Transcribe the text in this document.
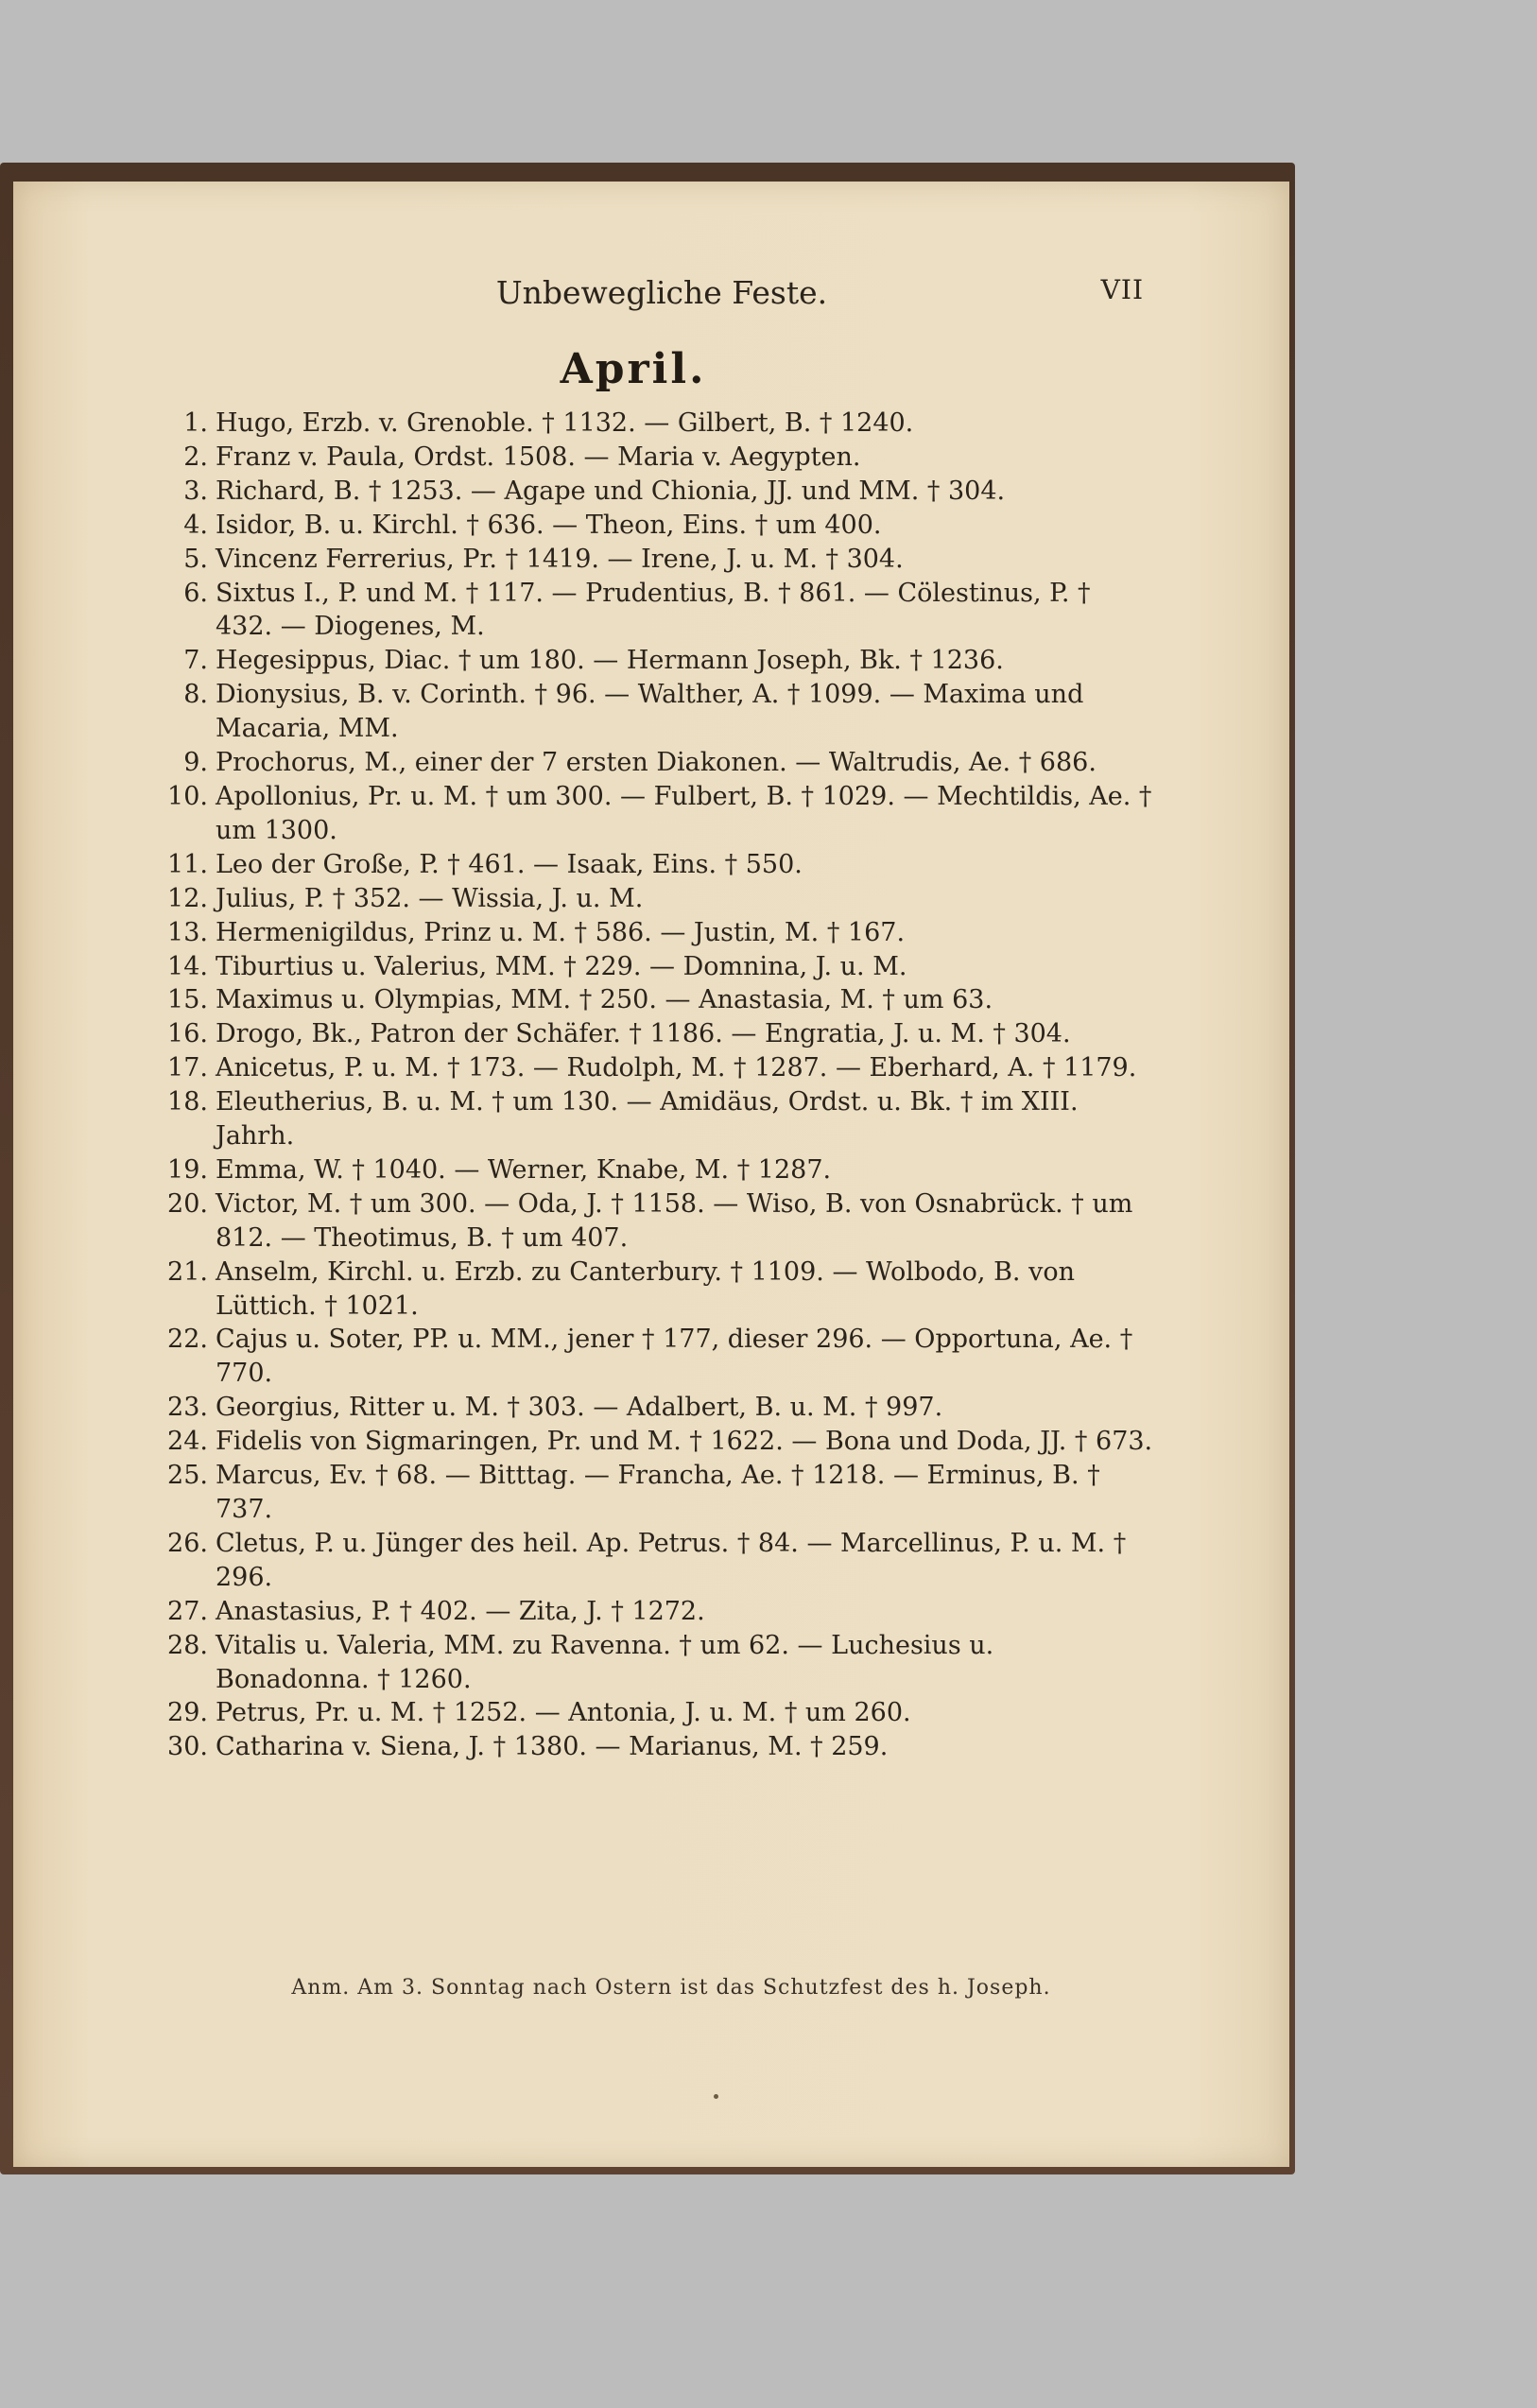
Unbewegliche Feste.	VII
April.
1. Hugo, Erzb. v. Grenoble. † 1132. — Gilbert, B. † 1240.
2. Franz v. Paula, Ordst. 1508. — Maria v. Aegypten.
3. Richard, B. † 1253. — Agape und Chionia, JJ. und MM. † 304.
4. Isidor, B. u. Kirchl. † 636. — Theon, Eins. † um 400.
5. Vincenz Ferrerius, Pr. † 1419. — Irene, J. u. M. † 304.
6. Sixtus I., P. und M. † 117. — Prudentius, B. † 861. — Cölestinus, P. † 432. — Diogenes, M.
7. Hegesippus, Diac. † um 180. — Hermann Joseph, Bk. † 1236.
8. Dionysius, B. v. Corinth. † 96. — Walther, A. † 1099. — Maxima und Macaria, MM.
9. Prochorus, M., einer der 7 ersten Diakonen. — Waltrudis, Ae. † 686.
10. Apollonius, Pr. u. M. † um 300. — Fulbert, B. † 1029. — Mechtildis, Ae. † um 1300.
11. Leo der Große, P. † 461. — Isaak, Eins. † 550.
12. Julius, P. † 352. — Wissia, J. u. M.
13. Hermenigildus, Prinz u. M. † 586. — Justin, M. † 167.
14. Tiburtius u. Valerius, MM. † 229. — Domnina, J. u. M.
15. Maximus u. Olympias, MM. † 250. — Anastasia, M. † um 63.
16. Drogo, Bk., Patron der Schäfer. † 1186. — Engratia, J. u. M. † 304.
17. Anicetus, P. u. M. † 173. — Rudolph, M. † 1287. — Eberhard, A. † 1179.
18. Eleutherius, B. u. M. † um 130. — Amidäus, Ordst. u. Bk. † im XIII. Jahrh.
19. Emma, W. † 1040. — Werner, Knabe, M. † 1287.
20. Victor, M. † um 300. — Oda, J. † 1158. — Wiso, B. von Osnabrück. † um 812. — Theotimus, B. † um 407.
21. Anselm, Kirchl. u. Erzb. zu Canterbury. † 1109. — Wolbodo, B. von Lüttich. † 1021.
22. Cajus u. Soter, PP. u. MM., jener † 177, dieser 296. — Opportuna, Ae. † 770.
23. Georgius, Ritter u. M. † 303. — Adalbert, B. u. M. † 997.
24. Fidelis von Sigmaringen, Pr. und M. † 1622. — Bona und Doda, JJ. † 673.
25. Marcus, Ev. † 68. — Bitttag. — Francha, Ae. † 1218. — Erminus, B. † 737.
26. Cletus, P. u. Jünger des heil. Ap. Petrus. † 84. — Marcellinus, P. u. M. † 296.
27. Anastasius, P. † 402. — Zita, J. † 1272.
28. Vitalis u. Valeria, MM. zu Ravenna. † um 62. — Luchesius u. Bonadonna. † 1260.
29. Petrus, Pr. u. M. † 1252. — Antonia, J. u. M. † um 260.
30. Catharina v. Siena, J. † 1380. — Marianus, M. † 259.
Anm. Am 3. Sonntag nach Ostern ist das Schutzfest des h. Joseph.
